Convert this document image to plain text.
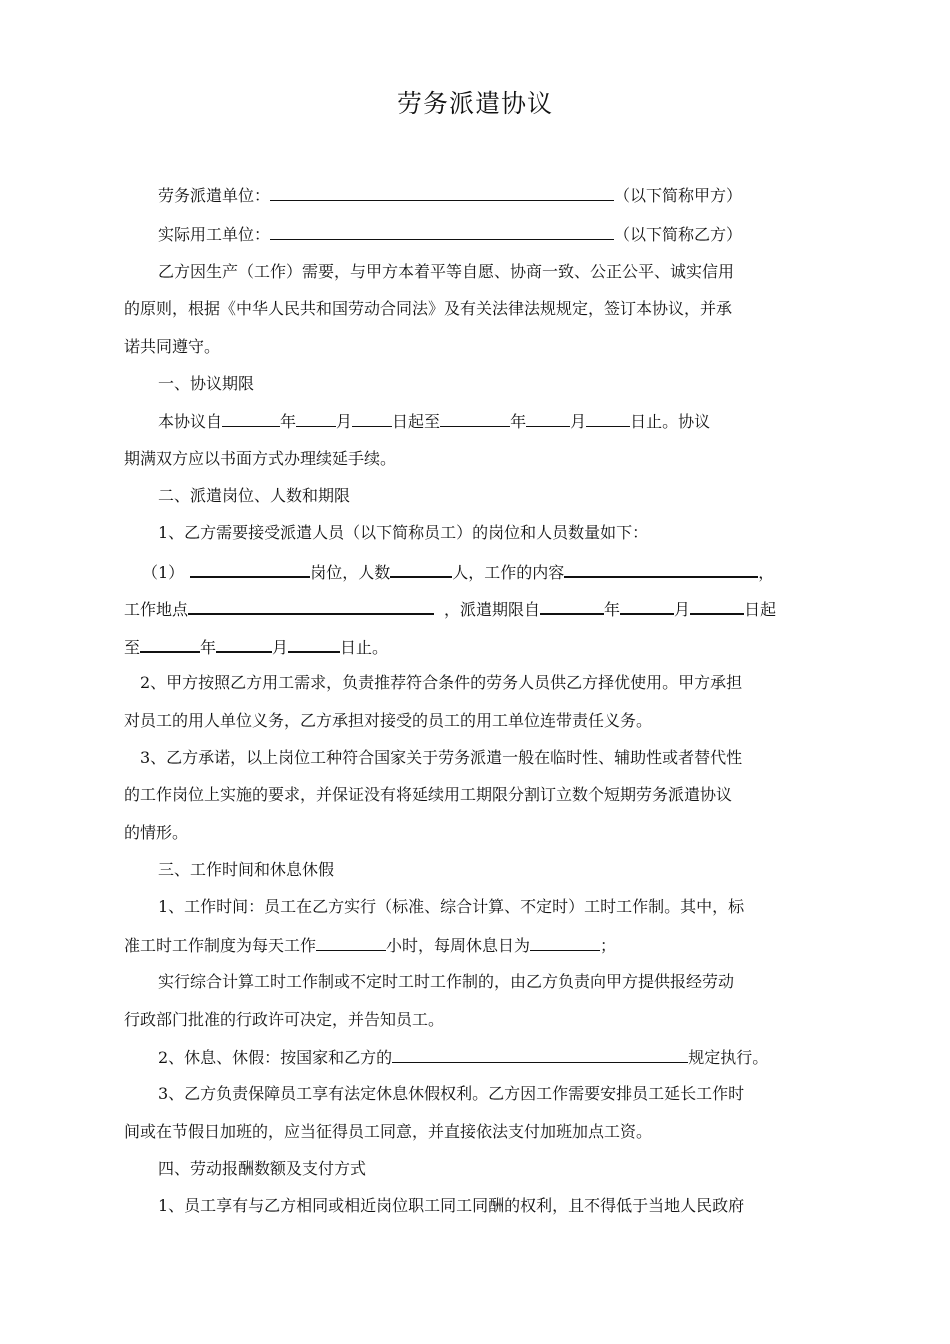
劳务派遣协议
劳务派遣单位：	（以下简称甲方）
实际用工单位：	（以下简称乙方）
乙方因生产（工作）需要，与甲方本着平等自愿、协商一致、公正公平、诚实信用
的原则，根据《中华人民共和国劳动合同法》及有关法律法规规定，签订本协议，并承
诺共同遵守。
一、协议期限
本协议自	年	月	日起至	年	月	日止。协议
期满双方应以书面方式办理续延手续。
二、派遣岗位、人数和期限
1、乙方需要接受派遣人员（以下简称员工）的岗位和人员数量如下：
（1）	岗位，人数	人，工作的内容	，
工作地点	，派遣期限自	年	月	日起
至	年	月	日止。
2、甲方按照乙方用工需求，负责推荐符合条件的劳务人员供乙方择优使用。甲方承担
对员工的用人单位义务，乙方承担对接受的员工的用工单位连带责任义务。
3、乙方承诺，以上岗位工种符合国家关于劳务派遣一般在临时性、辅助性或者替代性
的工作岗位上实施的要求，并保证没有将延续用工期限分割订立数个短期劳务派遣协议
的情形。
三、工作时间和休息休假
1、工作时间：员工在乙方实行（标准、综合计算、不定时）工时工作制。其中，标
准工时工作制度为每天工作	小时，每周休息日为	；
实行综合计算工时工作制或不定时工时工作制的，由乙方负责向甲方提供报经劳动
行政部门批准的行政许可决定，并告知员工。
2、休息、休假：按国家和乙方的	规定执行。
3、乙方负责保障员工享有法定休息休假权利。乙方因工作需要安排员工延长工作时
间或在节假日加班的，应当征得员工同意，并直接依法支付加班加点工资。
四、劳动报酬数额及支付方式
1、员工享有与乙方相同或相近岗位职工同工同酬的权利，且不得低于当地人民政府
